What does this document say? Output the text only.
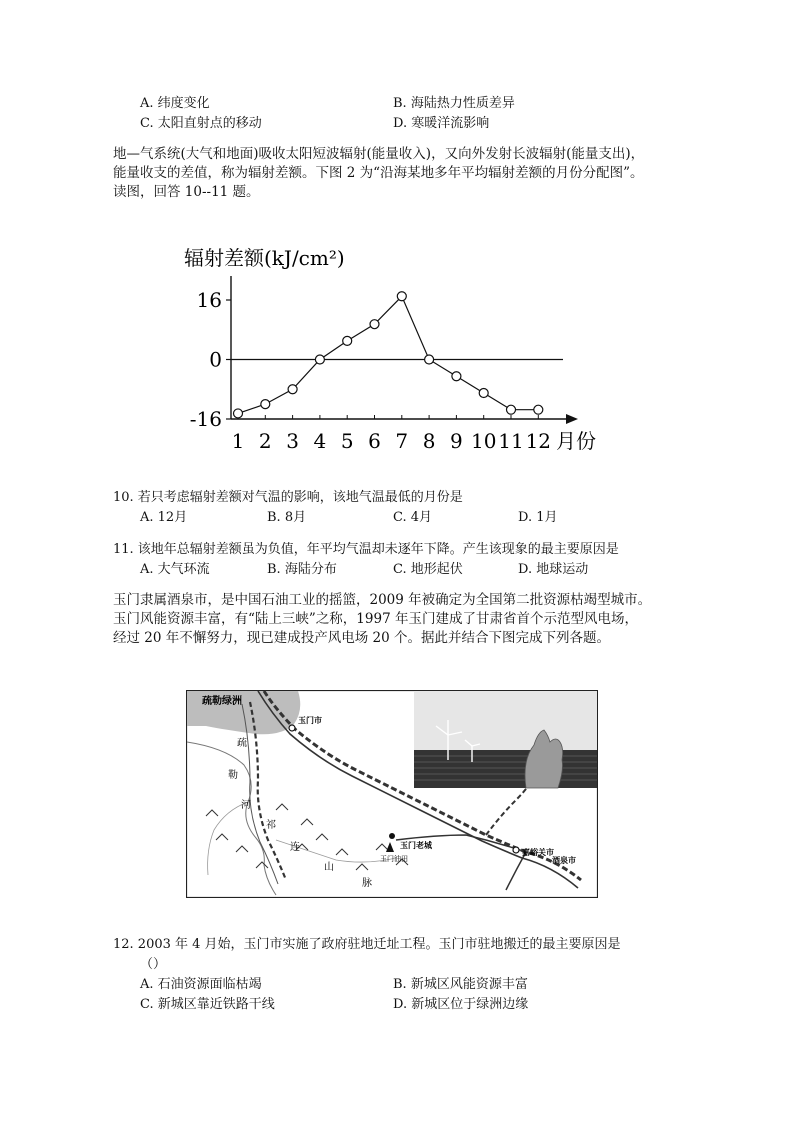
A. 纬度变化	B. 海陆热力性质差异
C. 太阳直射点的移动	D. 寒暖洋流影响
地—气系统(大气和地面)吸收太阳短波辐射(能量收入)，又向外发射长波辐射(能量支出)，
能量收支的差值，称为辐射差额。下图 2 为“沿海某地多年平均辐射差额的月份分配图”。
读图，回答 10--11 题。
辐射差额(kJ/cm²)
16
0
-16
1 2 3 4 5 6 7 8 9 10 11 12 月份
10. 若只考虑辐射差额对气温的影响，该地气温最低的月份是
A. 12月	B. 8月	C. 4月	D. 1月
11. 该地年总辐射差额虽为负值，年平均气温却未逐年下降。产生该现象的最主要原因是
A. 大气环流	B. 海陆分布	C. 地形起伏	D. 地球运动
玉门隶属酒泉市，是中国石油工业的摇篮，2009 年被确定为全国第二批资源枯竭型城市。
玉门风能资源丰富，有“陆上三峡”之称，1997 年玉门建成了甘肃省首个示范型风电场，
经过 20 年不懈努力，现已建成投产风电场 20 个。据此并结合下图完成下列各题。
疏勒绿洲
玉门市
疏
勒
河
祁
连
山
脉
玉门老城
玉门油田
嘉峪关市
酒泉市
12. 2003 年 4 月始，玉门市实施了政府驻地迁址工程。玉门市驻地搬迁的最主要原因是
（）
A. 石油资源面临枯竭	B. 新城区风能资源丰富
C. 新城区靠近铁路干线	D. 新城区位于绿洲边缘
